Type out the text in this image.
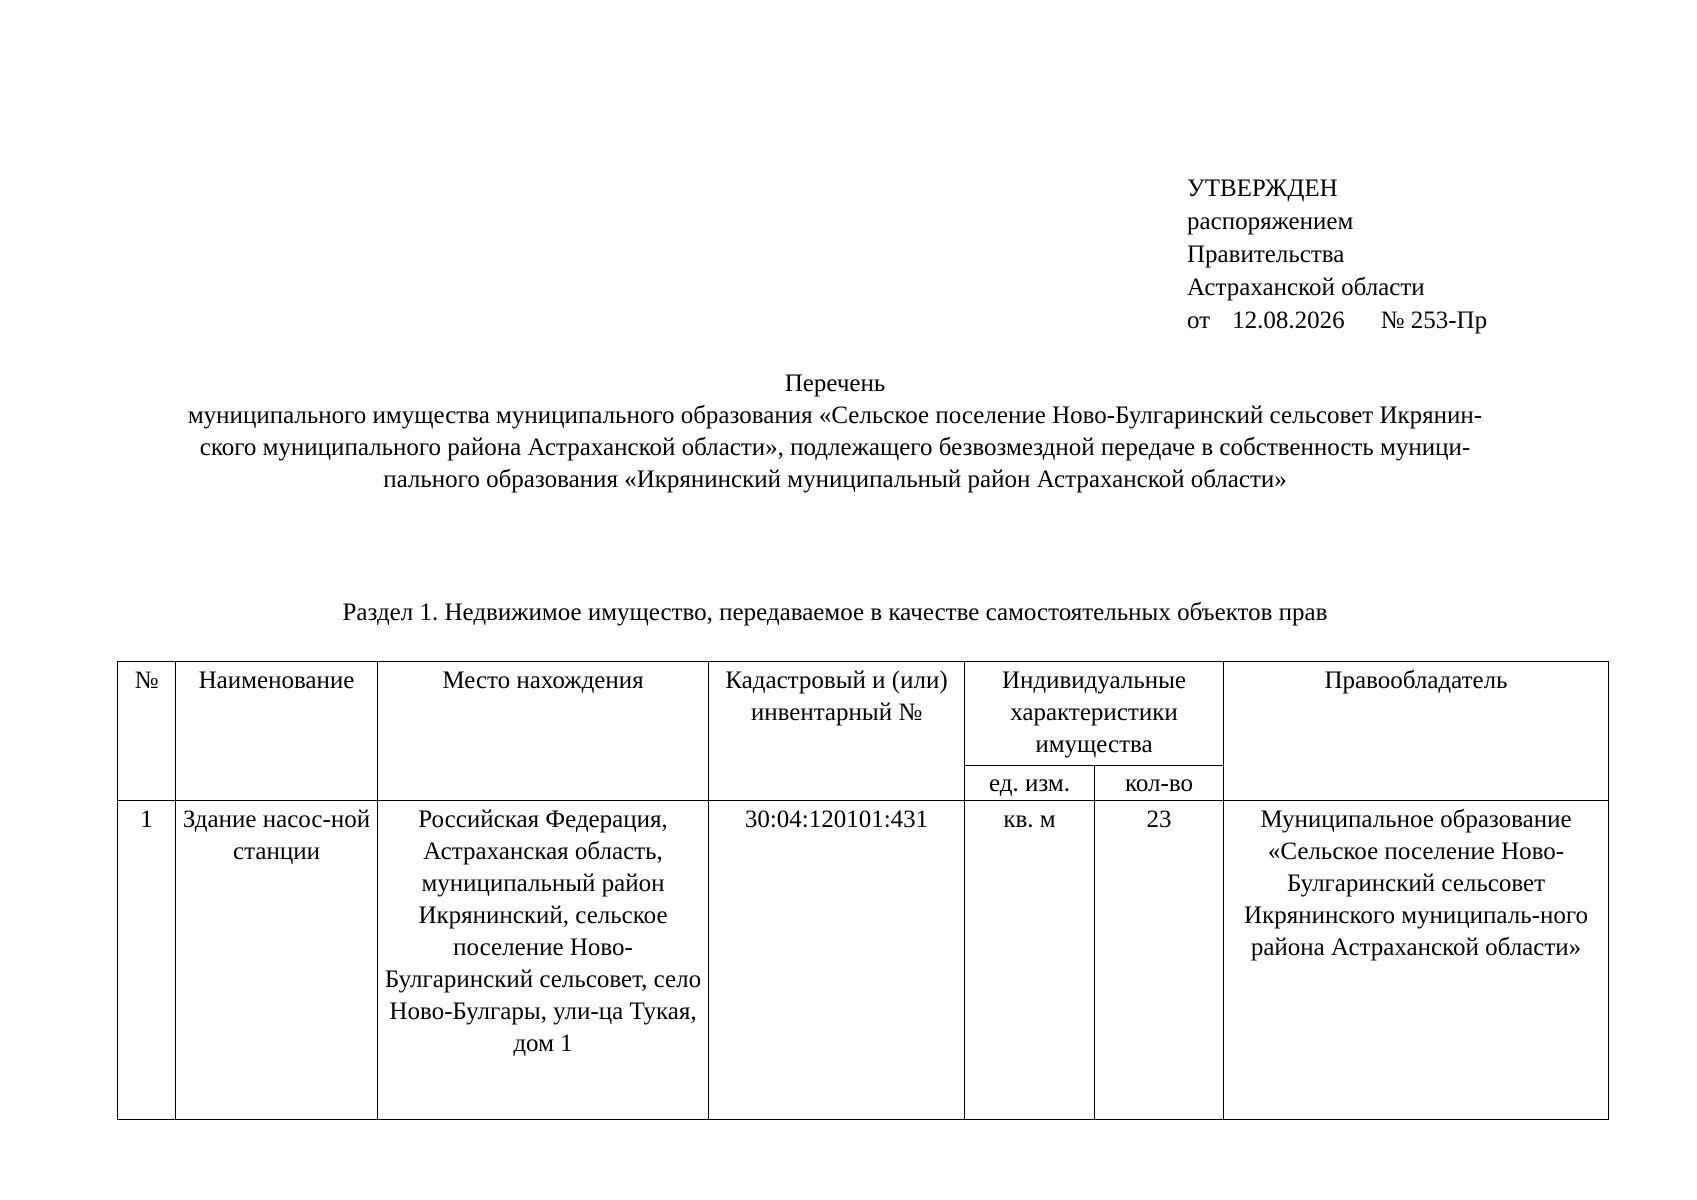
УТВЕРЖДЕН
распоряжением
Правительства
Астраханской области
от 12.08.2026 № 253-Пр
Перечень
муниципального имущества муниципального образования «Сельское поселение Ново-Булгаринский сельсовет Икрянин-
ского муниципального района Астраханской области», подлежащего безвозмездной передаче в собственность муници-
пального образования «Икрянинский муниципальный район Астраханской области»
Раздел 1. Недвижимое имущество, передаваемое в качестве самостоятельных объектов прав
№	Наименование	Место нахождения	Кадастровый и (или) инвентарный №	Индивидуальные характеристики имущества		Правообладатель
				ед. изм.	кол-во	
1	Здание насос-ной станции	Российская Федерация, Астраханская область, муниципальный район Икрянинский, сельское поселение Ново-Булгаринский сельсовет, село Ново-Булгары, ули-ца Тукая, дом 1	30:04:120101:431	кв. м	23	Муниципальное образование «Сельское поселение Ново-Булгаринский сельсовет Икрянинского муниципаль-ного района Астраханской области»
